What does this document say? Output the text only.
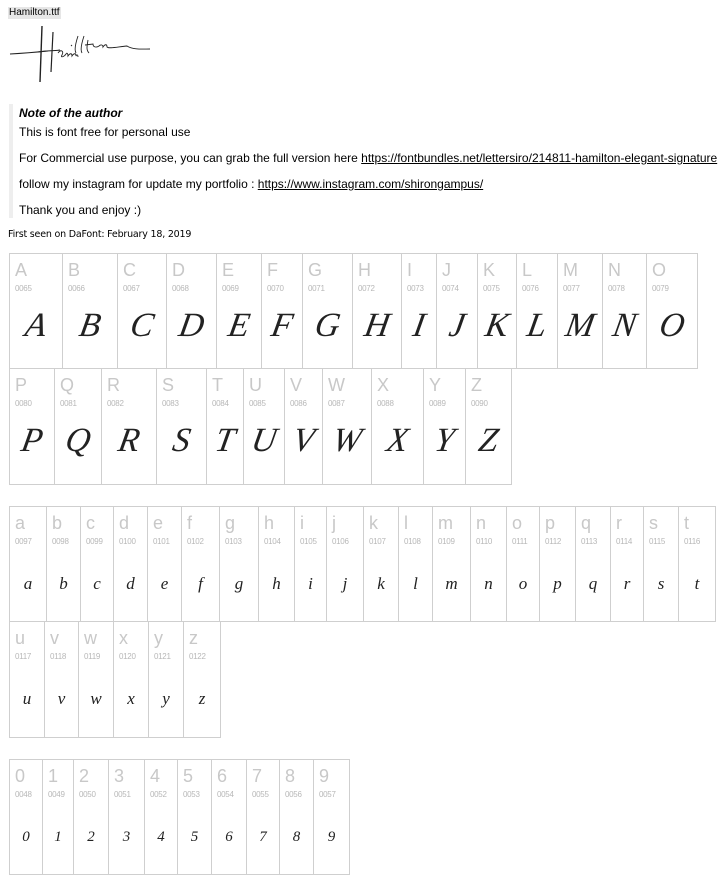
Hamilton.ttf
Note of the author
This is font free for personal use
For Commercial use purpose, you can grab the full version here https://fontbundles.net/lettersiro/214811-hamilton-elegant-signature
follow my instagram for update my portfolio : https://www.instagram.com/shirongampus/
Thank you and enjoy :)
First seen on DaFont: February 18, 2019
A
0065
A
B
0066
B
C
0067
C
D
0068
D
E
0069
E
F
0070
F
G
0071
G
H
0072
H
I
0073
I
J
0074
J
K
0075
K
L
0076
L
M
0077
M
N
0078
N
O
0079
O
P
0080
P
Q
0081
Q
R
0082
R
S
0083
S
T
0084
T
U
0085
U
V
0086
V
W
0087
W
X
0088
X
Y
0089
Y
Z
0090
Z
a
0097
a
b
0098
b
c
0099
c
d
0100
d
e
0101
e
f
0102
f
g
0103
g
h
0104
h
i
0105
i
j
0106
j
k
0107
k
l
0108
l
m
0109
m
n
0110
n
o
0111
o
p
0112
p
q
0113
q
r
0114
r
s
0115
s
t
0116
t
u
0117
u
v
0118
v
w
0119
w
x
0120
x
y
0121
y
z
0122
z
0
0048
0
1
0049
1
2
0050
2
3
0051
3
4
0052
4
5
0053
5
6
0054
6
7
0055
7
8
0056
8
9
0057
9
